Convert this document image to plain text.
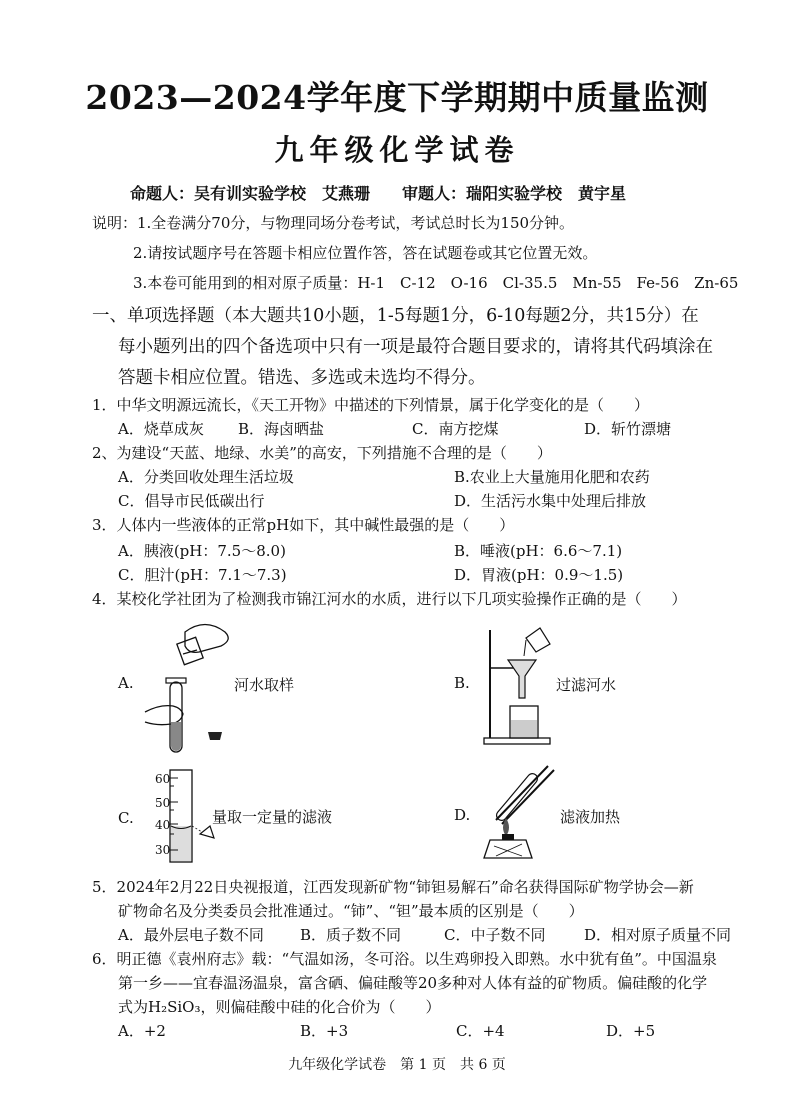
2023—2024学年度下学期期中质量监测
九年级化学试卷
命题人：吴有训实验学校　艾燕珊　　审题人：瑞阳实验学校　黄宇星
说明：1.全卷满分70分，与物理同场分卷考试，考试总时长为150分钟。
2.请按试题序号在答题卡相应位置作答，答在试题卷或其它位置无效。
3.本卷可能用到的相对原子质量：H-1　C-12　O-16　Cl-35.5　Mn-55　Fe-56　Zn-65
一、单项选择题（本大题共10小题，1-5每题1分，6-10每题2分，共15分）在
每小题列出的四个备选项中只有一项是最符合题目要求的，请将其代码填涂在
答题卡相应位置。错选、多选或未选均不得分。
1．中华文明源远流长，《天工开物》中描述的下列情景，属于化学变化的是（　　）
A．烧草成灰 B．海卤晒盐	C．南方挖煤	D．斩竹漂塘
2、为建设“天蓝、地绿、水美”的高安，下列措施不合理的是（　　）
A．分类回收处理生活垃圾	B.农业上大量施用化肥和农药
C．倡导市民低碳出行	D．生活污水集中处理后排放
3．人体内一些液体的正常pH如下，其中碱性最强的是（　　）
A．胰液(pH：7.5～8.0)	B．唾液(pH：6.6～7.1)
C．胆汁(pH：7.1～7.3)	D．胃液(pH：0.9～1.5)
4．某校化学社团为了检测我市锦江河水的水质，进行以下几项实验操作正确的是（　　）
A.	河水取样	B.	过滤河水
C.
60
50
40
30
量取一定量的滤液	D.	滤液加热
5．2024年2月22日央视报道，江西发现新矿物“铈钽易解石”命名获得国际矿物学协会—新
矿物命名及分类委员会批准通过。“铈”、“钽”最本质的区别是（　　）
A．最外层电子数不同 B．质子数不同	C．中子数不同	D．相对原子质量不同
6．明正德《袁州府志》载：“气温如汤，冬可浴。以生鸡卵投入即熟。水中犹有鱼”。中国温泉
第一乡——宜春温汤温泉，富含硒、偏硅酸等20多种对人体有益的矿物质。偏硅酸的化学
式为H₂SiO₃，则偏硅酸中硅的化合价为（　　）
A．+2	B．+3	C．+4	D．+5
九年级化学试卷　第 1 页　共 6 页
